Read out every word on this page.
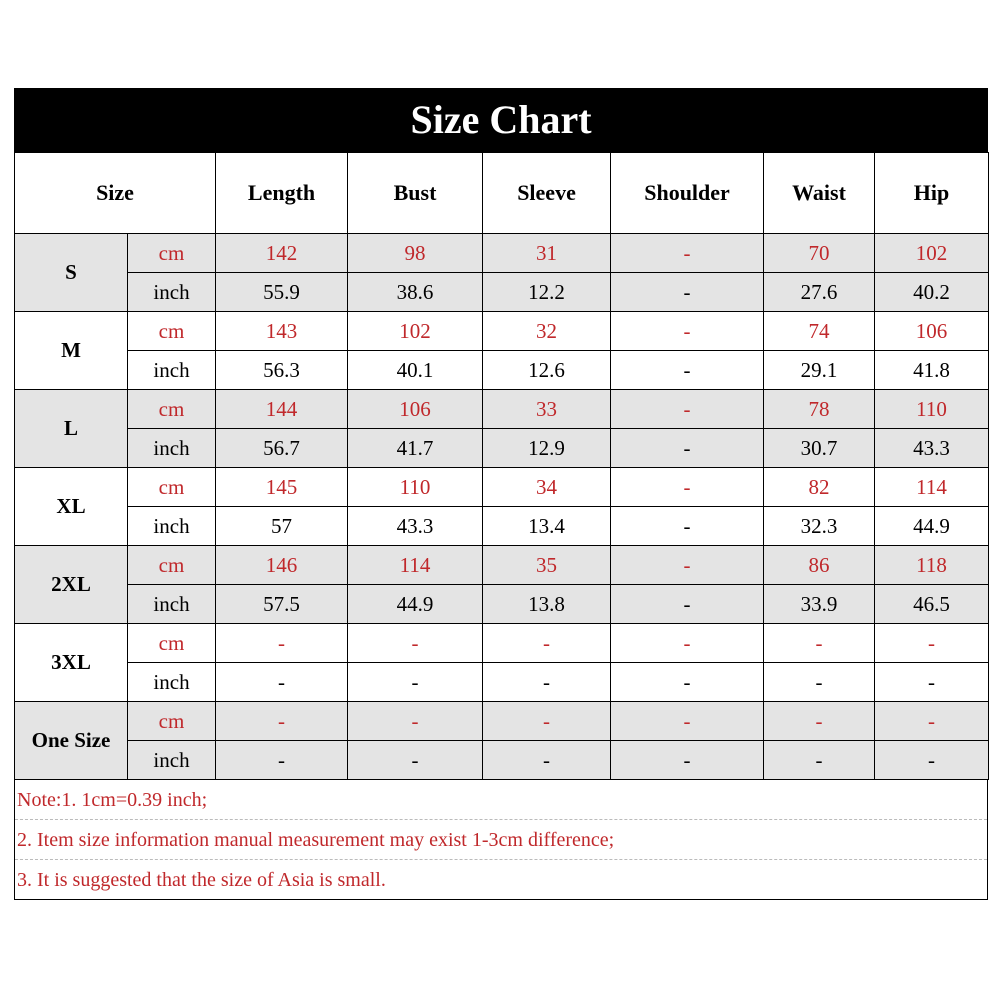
Size Chart
Size		Length	Bust	Sleeve	Shoulder	Waist	Hip
S	cm	142	98	31	-	70	102
	inch	55.9	38.6	12.2	-	27.6	40.2
M	cm	143	102	32	-	74	106
	inch	56.3	40.1	12.6	-	29.1	41.8
L	cm	144	106	33	-	78	110
	inch	56.7	41.7	12.9	-	30.7	43.3
XL	cm	145	110	34	-	82	114
	inch	57	43.3	13.4	-	32.3	44.9
2XL	cm	146	114	35	-	86	118
	inch	57.5	44.9	13.8	-	33.9	46.5
3XL	cm	-	-	-	-	-	-
	inch	-	-	-	-	-	-
One Size	cm	-	-	-	-	-	-
	inch	-	-	-	-	-	-
Note:1. 1cm=0.39 inch;
2. Item size information manual measurement may exist 1-3cm difference;
3. It is suggested that the size of Asia is small.
